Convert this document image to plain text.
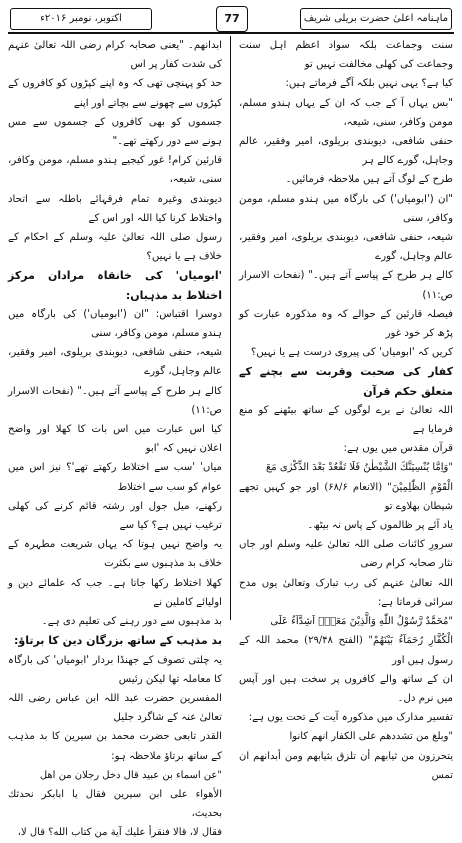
ماہنامہ اعلیٰ حضرت بریلی شریف
77
اکتوبر، نومبر ۲۰۱۶ء

سنت وجماعت بلکہ سواد اعظم اہل سنت وجماعت کی کھلی مخالفت نہیں تو

کیا ہے؟ یہی نہیں بلکہ آگے فرماتے ہیں:

"بس یہاں آ کے جب کہ ان کے یہاں ہندو مسلم، مومن وکافر، سنی، شیعہ،

حنفی شافعی، دیوبندی بریلوی، امیر وفقیر، عالم وجاہل، گورے کالے ہر

طرح کے لوگ آتے ہیں ملاحظہ فرمائیں۔

"ان ('ابومیاں') کی بارگاہ میں ہندو مسلم، مومن وکافر، سنی

شیعہ، حنفی شافعی، دیوبندی بریلوی، امیر وفقیر، عالم وجاہل، گورے

کالے ہر طرح کے پیاسے آتے ہیں۔" (نفحات الاسرار ص:۱۱)

فیصلہ قارئین کے حوالے کہ وہ مذکورہ عبارت کو پڑھ کر خود غور

کریں کہ 'ابومیاں' کی پیروی درست ہے یا نہیں؟

کفار کی صحبت وقربت سے بچنے کے متعلق حکم قرآن

اللہ تعالیٰ نے برے لوگوں کے ساتھ بیٹھنے کو منع فرمایا ہے

قرآن مقدس میں یوں ہے:

"وَاِمَّا یُنْسِیَنَّكَ الشَّیْطٰنُ فَلَا تَقْعُدْ بَعْدَ الذِّكْرٰی مَعَ

الْقَوْمِ الظّٰلِمِیْنَ" (الانعام ۶۸/۶) اور جو کہیں تجھے شیطان بھلاوے تو

یاد آئے پر ظالموں کے پاس نہ بیٹھ۔

سرورِ کائنات صلی اللہ تعالیٰ علیہ وسلم اور جاں نثار صحابہ کرام رضی

اللہ تعالیٰ عنہم کی رب تبارک وتعالیٰ یوں مدح سرائی فرماتا ہے:

"مُحَمَّدٌ رَّسُوْلُ اللّٰهِ وَالَّذِیْنَ مَعَهٗۤ اَشِدَّآءُ عَلَی

الْكُفَّارِ رُحَمَآءُ بَیْنَهُمْ" (الفتح ۲۹/۴۸) محمد اللہ کے رسول ہیں اور

ان کے ساتھ والے کافروں پر سخت ہیں اور آپس میں نرم دل۔

تفسیر مدارک میں مذکورہ آیت کے تحت یوں ہے:

"وبلغ من تشددهم على الكفار انهم كانوا

يتحرزون من ثيابهم أن تلزق بثيابهم ومن أبدانهم ان تمس

ابدانهم۔ "یعنی صحابہ کرام رضی اللہ تعالیٰ عنہم کی شدت کفار پر اس

حد کو پہنچی تھی کہ وہ اپنے کپڑوں کو کافروں کے کپڑوں سے چھونے سے بچاتے اور اپنے

جسموں کو بھی کافروں کے جسموں سے مس ہونے سے دور رکھتے تھے۔"

قارئین کرام! غور کیجیے ہندو مسلم، مومن وکافر، سنی، شیعہ،

دیوبندی وغیرہ تمام فرقہائے باطلہ سے اتحاد واختلاط کرنا کیا اللہ اور اس کے

رسول صلی اللہ تعالیٰ علیہ وسلم کے احکام کے خلاف ہے یا نہیں؟

'ابومیاں' کی خانقاہ مرادان مرکز اختلاط بد مذہباں:

دوسرا اقتباس: "ان ('ابومیاں') کی بارگاہ میں ہندو مسلم، مومن وکافر، سنی

شیعہ، حنفی شافعی، دیوبندی بریلوی، امیر وفقیر، عالم وجاہل، گورے

کالے ہر طرح کے پیاسے آتے ہیں۔" (نفحات الاسرار ص:۱۱)

کیا اس عبارت میں اس بات کا کھلا اور واضح اعلان نہیں کہ 'ابو

میاں' 'سب سے اختلاط رکھتے تھے'؟ نیز اس میں عوام کو سب سے اختلاط

رکھنے، میل جول اور رشتہ قائم کرنے کی کھلی ترغیب نہیں ہے؟ کیا سے

یہ واضح نہیں ہوتا کہ یہاں شریعت مطہرہ کے خلاف بد مذہبوں سے بکثرت

کھلا اختلاط رکھا جاتا ہے۔ جب کہ علمائے دین و اولیائے کاملین نے

بد مذہبوں سے دور رہنے کی تعلیم دی ہے۔

بد مذہب کے ساتھ بزرگان دین کا برتاؤ:

یہ چلتی تصوف کے جھنڈا بردار 'ابومیاں' کی بارگاہ کا معاملہ تھا لیکن رئیس

المفسرین حضرت عبد اللہ ابن عباس رضی اللہ تعالیٰ عنہ کے شاگرد جلیل

القدر تابعی حضرت محمد بن سیرین کا بد مذہب کے ساتھ برتاؤ ملاحظہ ہو:

"عن اسماء بن عبيد قال دخل رجلان من اهل

الأهواء على ابن سيرين فقال يا ابابكر نحدثك بحديث،

فقال لا، قالا فنقرأ عليك آية من كتاب الله؟ قال لا،
